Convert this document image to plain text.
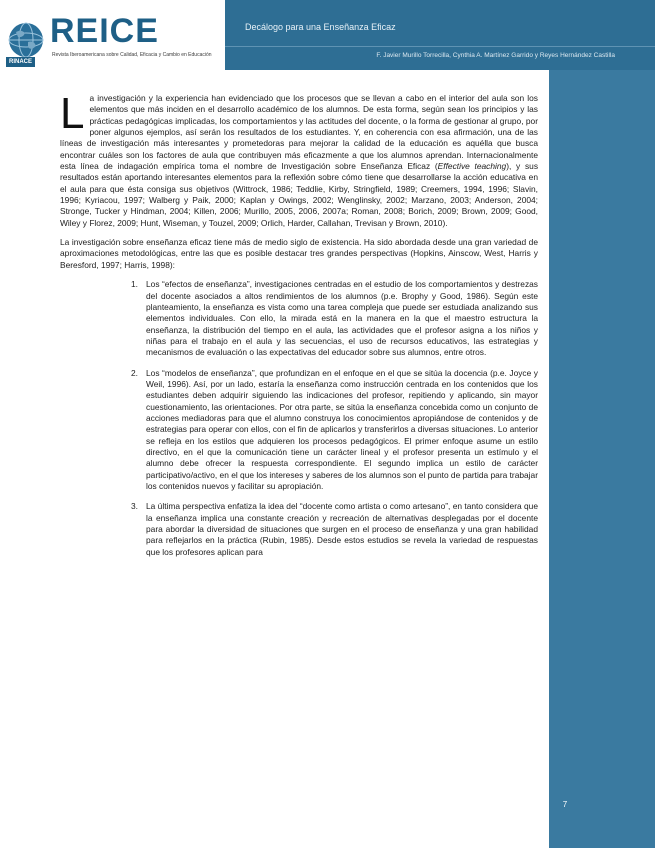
REICE
RINACE
Revista Iberoamericana sobre Calidad, Eficacia y Cambio en Educación
Decálogo para una Enseñanza Eficaz
F. Javier Murillo Torrecilla, Cynthia A. Martínez Garrido y Reyes Hernández Castilla
7

La investigación y la experiencia han evidenciado que los procesos que se llevan a cabo en el interior del aula son los elementos que más inciden en el desarrollo académico de los alumnos. De esta forma, según sean los principios y las prácticas pedagógicas implicadas, los comportamientos y las actitudes del docente, o la forma de gestionar al grupo, por poner algunos ejemplos, así serán los resultados de los estudiantes. Y, en coherencia con esa afirmación, una de las líneas de investigación más interesantes y prometedoras para mejorar la calidad de la educación es aquélla que busca encontrar cuáles son los factores de aula que contribuyen más eficazmente a que los alumnos aprendan. Internacionalmente esta línea de indagación empírica toma el nombre de Investigación sobre Enseñanza Eficaz (Effective teaching), y sus resultados están aportando interesantes elementos para la reflexión sobre cómo tiene que desarrollarse la acción educativa en el aula para que ésta consiga sus objetivos (Wittrock, 1986; Teddlie, Kirby, Stringfield, 1989; Creemers, 1994, 1996; Slavin, 1996; Kyriacou, 1997; Walberg y Paik, 2000; Kaplan y Owings, 2002; Wenglinsky, 2002; Marzano, 2003; Anderson, 2004; Stronge, Tucker y Hindman, 2004; Killen, 2006; Murillo, 2005, 2006, 2007a; Roman, 2008; Borich, 2009; Brown, 2009; Good, Wiley y Florez, 2009; Hunt, Wiseman, y Touzel, 2009; Orlich, Harder, Callahan, Trevisan y Brown, 2010).

La investigación sobre enseñanza eficaz tiene más de medio siglo de existencia. Ha sido abordada desde una gran variedad de aproximaciones metodológicas, entre las que es posible destacar tres grandes perspectivas (Hopkins, Ainscow, West, Harris y Beresford, 1997; Harris, 1998):

1. Los “efectos de enseñanza”, investigaciones centradas en el estudio de los comportamientos y destrezas del docente asociados a altos rendimientos de los alumnos (p.e. Brophy y Good, 1986). Según este planteamiento, la enseñanza es vista como una tarea compleja que puede ser estudiada analizando sus elementos individuales. Con ello, la mirada está en la manera en la que el maestro estructura la enseñanza, la distribución del tiempo en el aula, las actividades que el profesor asigna a los niños y niñas para el trabajo en el aula y las secuencias, el uso de recursos educativos, las estrategias y mecanismos de evaluación o las expectativas del educador sobre sus alumnos, entre otros.
2. Los “modelos de enseñanza”, que profundizan en el enfoque en el que se sitúa la docencia (p.e. Joyce y Weil, 1996). Así, por un lado, estaría la enseñanza como instrucción centrada en los contenidos que los estudiantes deben adquirir siguiendo las indicaciones del profesor, repitiendo y aplicando, sin mayor cuestionamiento, las orientaciones. Por otra parte, se sitúa la enseñanza concebida como un conjunto de acciones mediadoras para que el alumno construya los conocimientos apropiándose de contenidos y de estrategias para operar con ellos, con el fin de aplicarlos y transferirlos a diversas situaciones. Lo anterior se refleja en los estilos que adquieren los procesos pedagógicos. El primer enfoque asume un estilo directivo, en el que la comunicación tiene un carácter lineal y el profesor presenta un estímulo y el alumno debe ofrecer la respuesta correspondiente. El segundo implica un estilo de carácter participativo/activo, en el que los intereses y saberes de los alumnos son el punto de partida para trabajar los contenidos nuevos y facilitar su apropiación.
3. La última perspectiva enfatiza la idea del “docente como artista o como artesano”, en tanto considera que la enseñanza implica una constante creación y recreación de alternativas desplegadas por el docente para abordar la diversidad de situaciones que surgen en el proceso de enseñanza y una gran habilidad para reflejarlos en la práctica (Rubin, 1985). Desde estos estudios se revela la variedad de respuestas que los profesores aplican para
